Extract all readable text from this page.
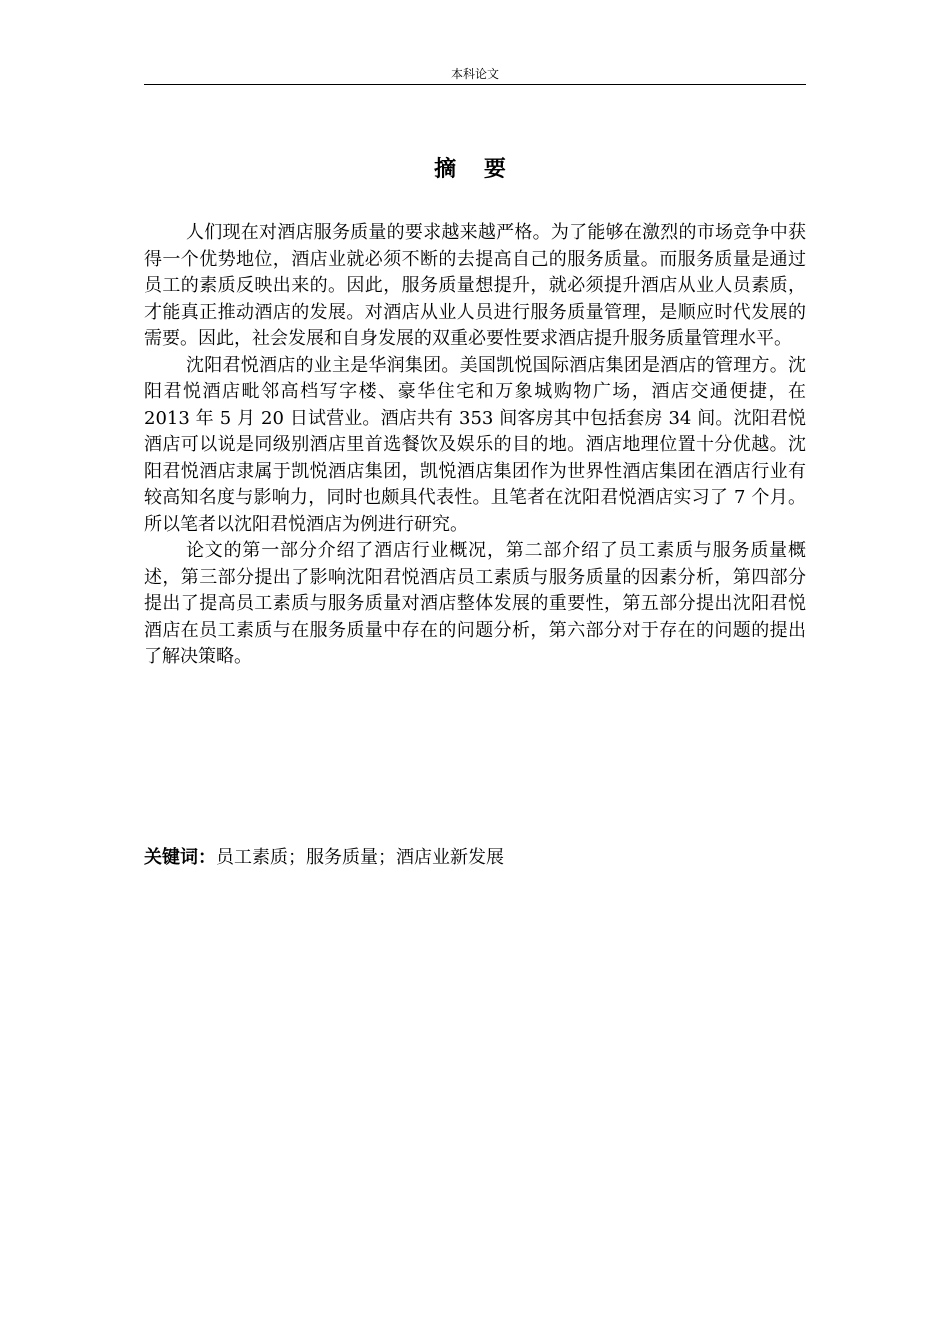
本科论文
摘 要

人们现在对酒店服务质量的要求越来越严格。为了能够在激烈的市场竞争中获得一个优势地位，酒店业就必须不断的去提高自己的服务质量。而服务质量是通过员工的素质反映出来的。因此，服务质量想提升，就必须提升酒店从业人员素质，才能真正推动酒店的发展。对酒店从业人员进行服务质量管理，是顺应时代发展的需要。因此，社会发展和自身发展的双重必要性要求酒店提升服务质量管理水平。

沈阳君悦酒店的业主是华润集团。美国凯悦国际酒店集团是酒店的管理方。沈阳君悦酒店毗邻高档写字楼、豪华住宅和万象城购物广场，酒店交通便捷，在 2013 年 5 月 20 日试营业。酒店共有 353 间客房其中包括套房 34 间。沈阳君悦酒店可以说是同级别酒店里首选餐饮及娱乐的目的地。酒店地理位置十分优越。沈阳君悦酒店隶属于凯悦酒店集团，凯悦酒店集团作为世界性酒店集团在酒店行业有较高知名度与影响力，同时也颇具代表性。且笔者在沈阳君悦酒店实习了 7 个月。所以笔者以沈阳君悦酒店为例进行研究。

论文的第一部分介绍了酒店行业概况，第二部介绍了员工素质与服务质量概述，第三部分提出了影响沈阳君悦酒店员工素质与服务质量的因素分析，第四部分提出了提高员工素质与服务质量对酒店整体发展的重要性，第五部分提出沈阳君悦酒店在员工素质与在服务质量中存在的问题分析，第六部分对于存在的问题的提出了解决策略。

关键词：员工素质；服务质量；酒店业新发展
